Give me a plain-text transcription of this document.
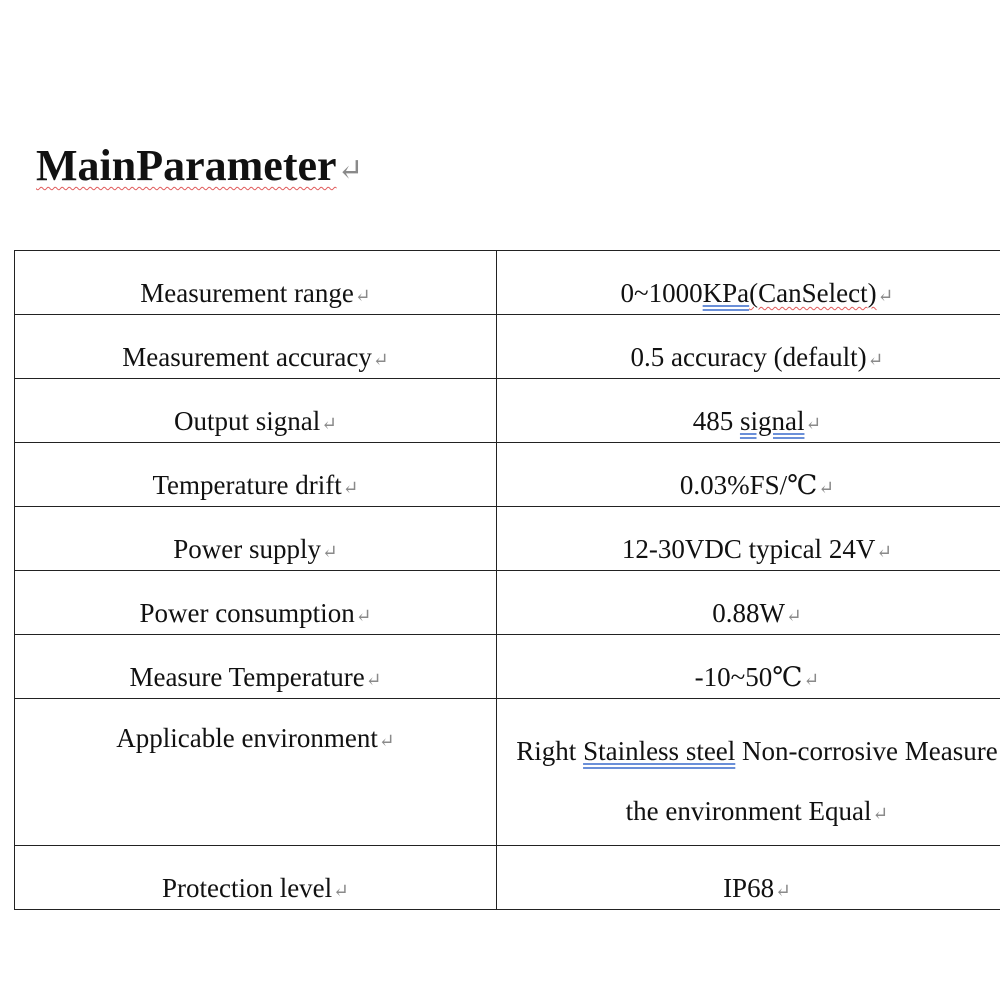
MainParameter↵
Measurement range↵	0~1000KPa(CanSelect)↵
Measurement accuracy↵	0.5 accuracy (default)↵
Output signal↵	485 signal↵
Temperature drift↵	0.03%FS/℃↵
Power supply↵	12-30VDC typical 24V↵
Power consumption↵	0.88W↵
Measure Temperature↵	-10~50℃↵
Applicable environment↵	Right Stainless steel Non-corrosive Measure the environment Equal↵
Protection level↵	IP68↵
